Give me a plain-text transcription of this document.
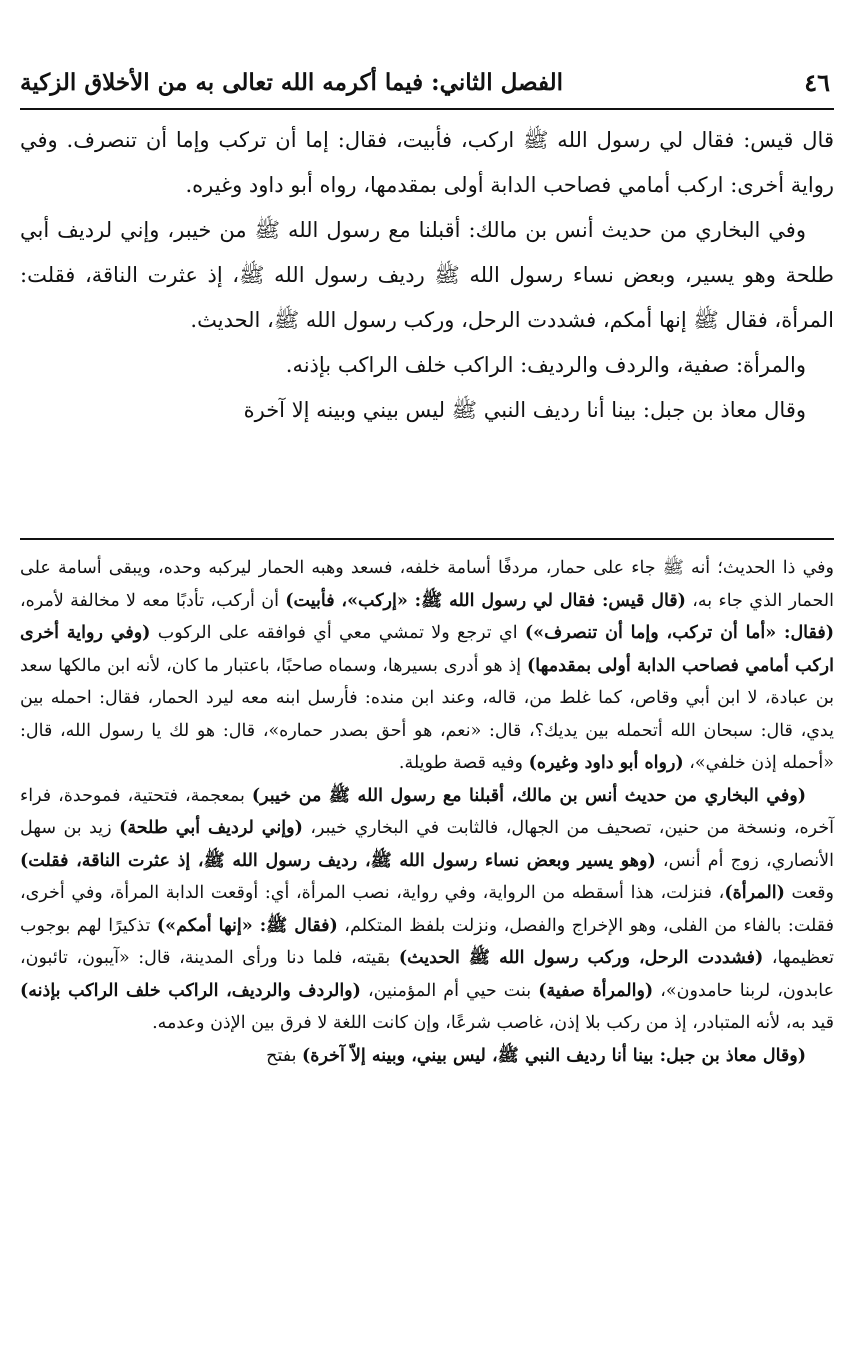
٤٦
الفصل الثاني: فيما أكرمه الله تعالى به من الأخلاق الزكية

قال قيس: فقال لي رسول الله ﷺ اركب، فأبيت، فقال: إما أن تركب وإما أن تنصرف. وفي رواية أخرى: اركب أمامي فصاحب الدابة أولى بمقدمها، رواه أبو داود وغيره.

وفي البخاري من حديث أنس بن مالك: أقبلنا مع رسول الله ﷺ من خيبر، وإني لرديف أبي طلحة وهو يسير، وبعض نساء رسول الله ﷺ رديف رسول الله ﷺ، إذ عثرت الناقة، فقلت: المرأة، فقال ﷺ إنها أمكم، فشددت الرحل، وركب رسول الله ﷺ، الحديث.

والمرأة: صفية، والردف والرديف: الراكب خلف الراكب بإذنه.

وقال معاذ بن جبل: بينا أنا رديف النبي ﷺ ليس بيني وبينه إلا آخرة

وفي ذا الحديث؛ أنه ﷺ جاء على حمار، مردفًا أسامة خلفه، فسعد وهبه الحمار ليركبه وحده، ويبقى أسامة على الحمار الذي جاء به، (قال قيس: فقال لي رسول الله ﷺ: «إركب»، فأبيت) أن أركب، تأدبًا معه لا مخالفة لأمره، (فقال: «أما أن تركب، وإما أن تنصرف») اي ترجع ولا تمشي معي أي فوافقه على الركوب (وفي رواية أخرى اركب أمامي فصاحب الدابة أولى بمقدمها) إذ هو أدرى بسيرها، وسماه صاحبًا، باعتبار ما كان، لأنه ابن مالكها سعد بن عبادة، لا ابن أبي وقاص، كما غلط من، قاله، وعند ابن منده: فأرسل ابنه معه ليرد الحمار، فقال: احمله بين يدي، قال: سبحان الله أتحمله بين يديك؟، قال: «نعم، هو أحق بصدر حماره»، قال: هو لك يا رسول الله، قال: «أحمله إذن خلفي»، (رواه أبو داود وغيره) وفيه قصة طويلة.

(وفي البخاري من حديث أنس بن مالك، أقبلنا مع رسول الله ﷺ من خيبر) بمعجمة، فتحتية، فموحدة، فراء آخره، ونسخة من حنين، تصحيف من الجهال، فالثابت في البخاري خيبر، (وإني لرديف أبي طلحة) زيد بن سهل الأنصاري، زوج أم أنس، (وهو يسير وبعض نساء رسول الله ﷺ، رديف رسول الله ﷺ، إذ عثرت الناقة، فقلت) وقعت (المرأة)، فنزلت، هذا أسقطه من الرواية، وفي رواية، نصب المرأة، أي: أوقعت الدابة المرأة، وفي أخرى، فقلت: بالفاء من الفلى، وهو الإخراج والفصل، ونزلت بلفظ المتكلم، (فقال ﷺ: «إنها أمكم») تذكيرًا لهم بوجوب تعظيمها، (فشددت الرحل، وركب رسول الله ﷺ الحديث) بقيته، فلما دنا ورأى المدينة، قال: «آيبون، تائبون، عابدون، لربنا حامدون»، (والمرأة صفية) بنت حيي أم المؤمنين، (والردف والرديف، الراكب خلف الراكب بإذنه) قيد به، لأنه المتبادر، إذ من ركب بلا إذن، غاصب شرعًا، وإن كانت اللغة لا فرق بين الإذن وعدمه.

(وقال معاذ بن جبل: بينا أنا رديف النبي ﷺ، ليس بيني، وبينه إلاّ آخرة) بفتح
